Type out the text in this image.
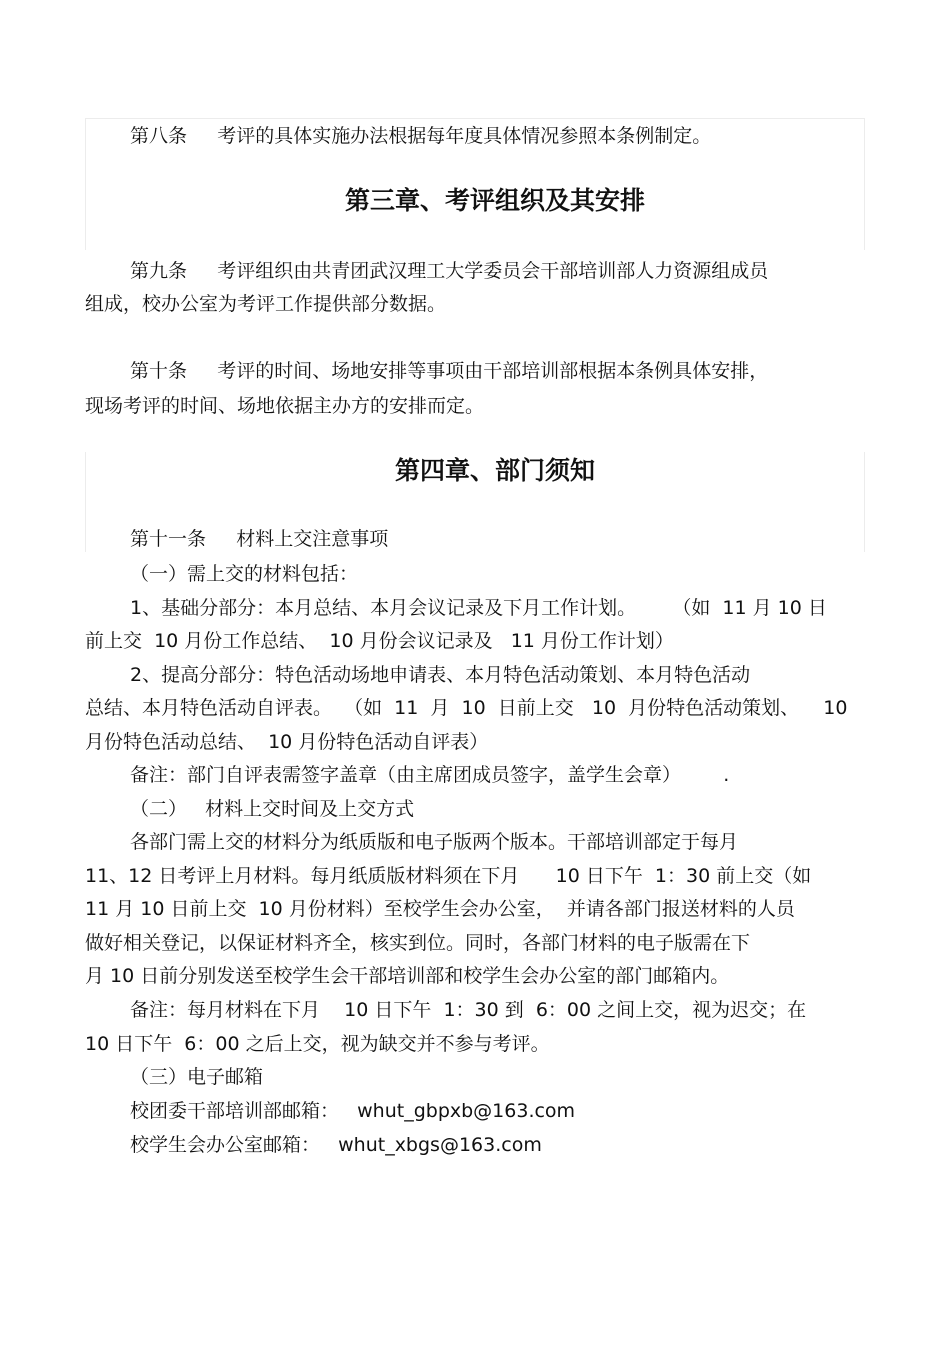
第八条     考评的具体实施办法根据每年度具体情况参照本条例制定。

第三章、考评组织及其安排

第九条     考评组织由共青团武汉理工大学委员会干部培训部人力资源组成员

组成，校办公室为考评工作提供部分数据。

第十条     考评的时间、场地安排等事项由干部培训部根据本条例具体安排，

现场考评的时间、场地依据主办方的安排而定。

第四章、部门须知

第十一条     材料上交注意事项

（一）需上交的材料包括：

1、基础分部分：本月总结、本月会议记录及下月工作计划。      （如  11 月 10 日

前上交  10 月份工作总结、  10 月份会议记录及   11 月份工作计划）

2、提高分部分：特色活动场地申请表、本月特色活动策划、本月特色活动

总结、本月特色活动自评表。  （如  11  月  10  日前上交   10  月份特色活动策划、    10

月份特色活动总结、  10 月份特色活动自评表）

备注：部门自评表需签字盖章（由主席团成员签字，盖学生会章）       .

（二）   材料上交时间及上交方式

各部门需上交的材料分为纸质版和电子版两个版本。干部培训部定于每月

11、12 日考评上月材料。每月纸质版材料须在下月      10 日下午  1：30 前上交（如

11 月 10 日前上交  10 月份材料）至校学生会办公室，  并请各部门报送材料的人员

做好相关登记，以保证材料齐全，核实到位。同时，各部门材料的电子版需在下

月 10 日前分别发送至校学生会干部培训部和校学生会办公室的部门邮箱内。

备注：每月材料在下月    10 日下午  1：30 到  6：00 之间上交，视为迟交；在

10 日下午  6：00 之后上交，视为缺交并不参与考评。

（三）电子邮箱

校团委干部培训部邮箱：   whut_gbpxb@163.com

校学生会办公室邮箱：   whut_xbgs@163.com
